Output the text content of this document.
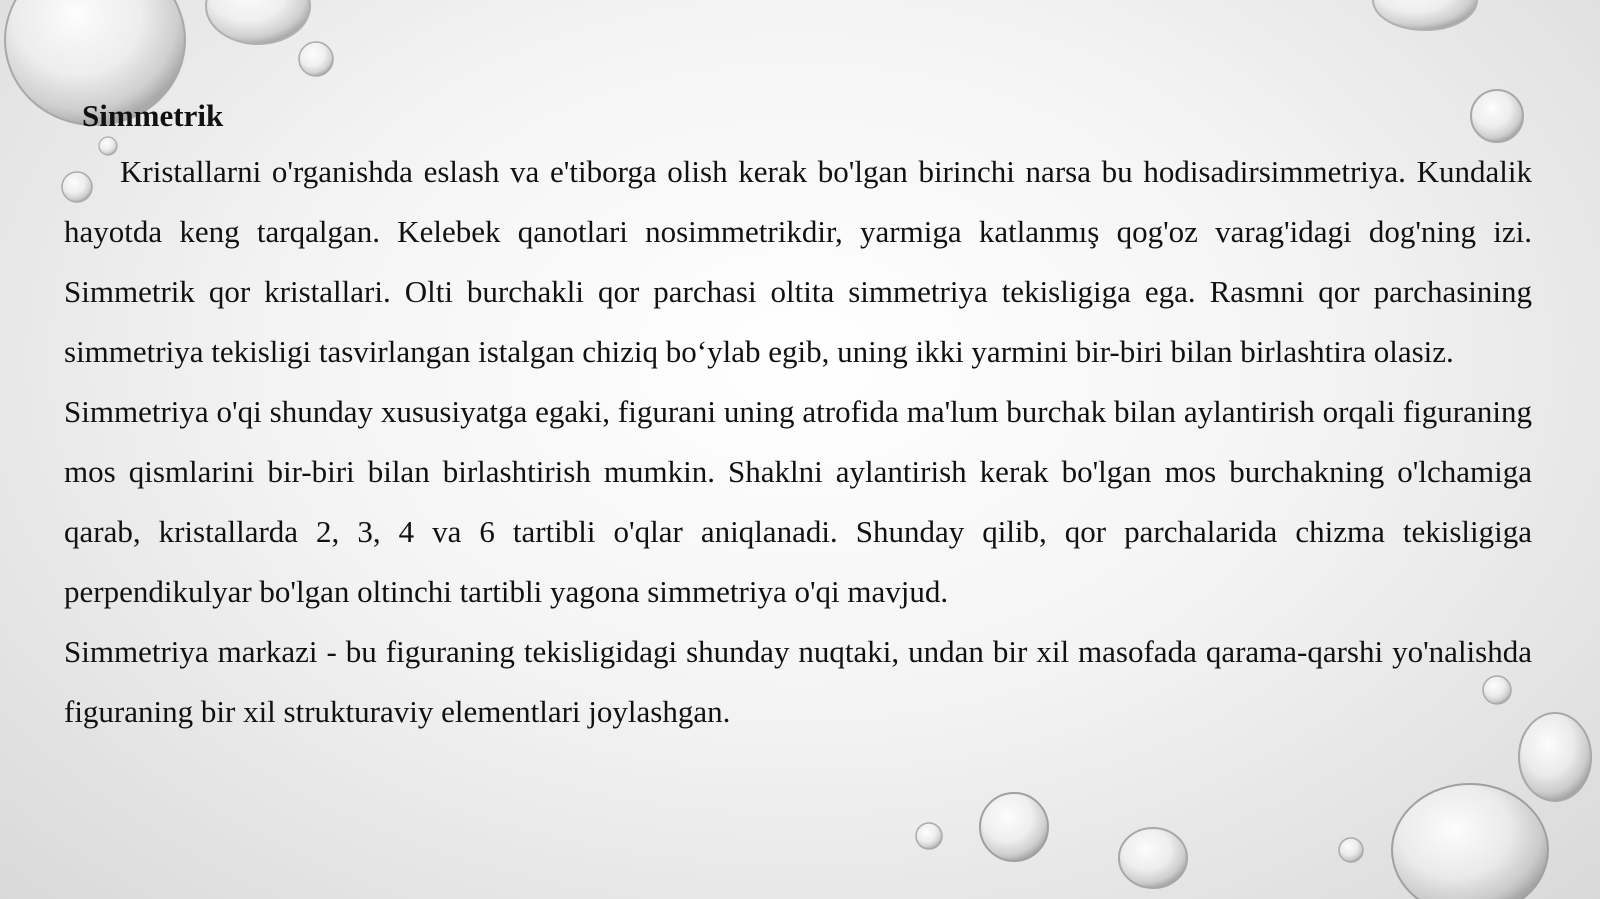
Simmetrik

Kristallarni o'rganishda eslash va e'tiborga olish kerak bo'lgan birinchi narsa bu hodisadirsimmetriya. Kundalik hayotda keng tarqalgan. Kelebek qanotlari nosimmetrikdir, yarmiga katlanmış qog'oz varag'idagi dog'ning izi. Simmetrik qor kristallari. Olti burchakli qor parchasi oltita simmetriya tekisligiga ega. Rasmni qor parchasining simmetriya tekisligi tasvirlangan istalgan chiziq bo‘ylab egib, uning ikki yarmini bir-biri bilan birlashtira olasiz.

Simmetriya o'qi shunday xususiyatga egaki, figurani uning atrofida ma'lum burchak bilan aylantirish orqali figuraning mos qismlarini bir-biri bilan birlashtirish mumkin. Shaklni aylantirish kerak bo'lgan mos burchakning o'lchamiga qarab, kristallarda 2, 3, 4 va 6 tartibli o'qlar aniqlanadi. Shunday qilib, qor parchalarida chizma tekisligiga perpendikulyar bo'lgan oltinchi tartibli yagona simmetriya o'qi mavjud.

Simmetriya markazi - bu figuraning tekisligidagi shunday nuqtaki, undan bir xil masofada qarama-qarshi yo'nalishda figuraning bir xil strukturaviy elementlari joylashgan.
